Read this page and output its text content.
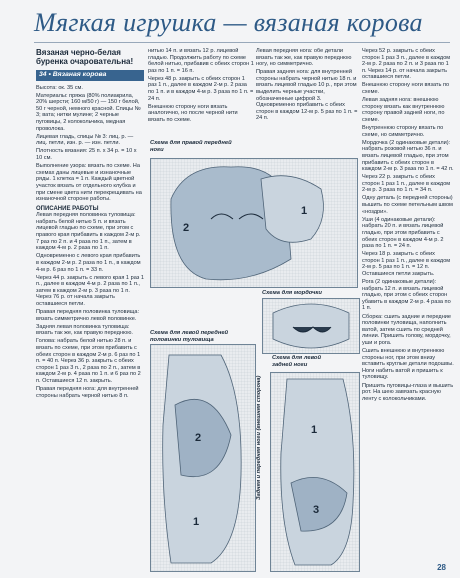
Мягкая игрушка — вязаная корова
Вязаная черно-белая буренка очаровательна!
34 • Вязаная корова

Высота: ок. 35 см.

Материалы: пряжа (80% полиакрила, 20% шерсти; 160 м/50 г) — 150 г белой, 50 г черной, немного красной. Спицы № 3; вата; нитки мулине; 2 черные пуговицы, 2 колокольчика, медная проволока.

Лицевая гладь, спицы № 3: лиц. р. — лиц. петли, изн. р. — изн. петли.

Плотность вязания: 25 п. x 34 р. = 10 x 10 см.

Выполнение узора: вязать по схеме. На схемах даны лицевые и изнаночные ряды. 1 клетка = 1 п. Каждый цветной участок вязать от отдельного клубка и при смене цвета нити перекрещивать на изнаночной стороне работы.

ОПИСАНИЕ РАБОТЫ

Левая передняя половинка туловища: набрать белой нитью 5 п. и вязать лицевой гладью по схеме, при этом с правого края прибавить в каждом 2-м р. 7 раз по 2 п. и 4 раза по 1 п., затем в каждом 4-м р. 2 раза по 1 п.

Одновременно с левого края прибавить в каждом 2-м р. 2 раза по 1 п., в каждом 4-м р. 6 раз по 1 п. = 33 п.

Через 44 р. закрыть с левого края 1 раз 1 п., далее в каждом 4-м р. 2 раза по 1 п., затем в каждом 2-м р. 3 раза по 1 п. Через 76 р. от начала закрыть оставшиеся петли.

Правая передняя половинка туловища: вязать симметрично левой половинке.

Задняя левая половинка туловища: вязать так же, как правую переднюю.

Голова: набрать белой нитью 28 п. и вязать по схеме, при этом прибавить с обеих сторон в каждом 2-м р. 6 раз по 1 п. = 40 п. Через 36 р. закрыть с обеих сторон 1 раз 3 п., 2 раза по 2 п., затем в каждом 2-м р. 4 раза по 1 п. и 6 раз по 2 п. Оставшиеся 12 п. закрыть.

Правая передняя нога: для внутренней стороны набрать черной нитью 8 п.

нитью 14 п. и вязать 12 р. лицевой гладью. Продолжить работу по схеме белой нитью, прибавив с обеих сторон 1 раз по 1 п. = 16 п.

Через 48 р. закрыть с обеих сторон 1 раз 1 п., далее в каждом 2-м р. 2 раза по 1 п. и в каждом 4-м р. 3 раза по 1 п. = 24 п.

Внешнюю сторону ноги вязать аналогично, но после черной нити вязать по схеме.

Левая передняя нога: обе детали вязать так же, как правую переднюю ногу, но симметрично.

Правая задняя нога: для внутренней стороны набрать черной нитью 18 п. и вязать лицевой гладью 10 р., при этом выделить черные участки, обозначенные цифрой 3. Одновременно прибавить с обеих сторон в каждом 12-м р. 5 раз по 1 п. = 24 п.

Через 52 р. закрыть с обеих сторон 1 раз 3 п., далее в каждом 2-м р. 2 раза по 2 п. и 3 раза по 1 п. Через 14 р. от начала закрыть оставшиеся петли.

Внешнюю сторону ноги вязать по схеме.

Левая задняя нога: внешнюю сторону вязать как внутреннюю сторону правой задней ноги, по схеме.

Внутреннюю сторону вязать по схеме, но симметрично.

Мордочка (2 одинаковые детали): набрать розовой нитью 36 п. и вязать лицевой гладью, при этом прибавить с обеих сторон в каждом 2-м р. 3 раза по 1 п. = 42 п.

Через 22 р. закрыть с обеих сторон 1 раз 1 п., далее в каждом 2-м р. 3 раза по 1 п. = 34 п.

Одну деталь (с передней стороны) вышить по схеме петельным швом «ноздри».

Уши (4 одинаковые детали): набрать 20 п. и вязать лицевой гладью, при этом прибавить с обеих сторон в каждом 4-м р. 2 раза по 1 п. = 24 п.

Через 18 р. закрыть с обеих сторон 1 раз 1 п., далее в каждом 2-м р. 5 раз по 1 п. = 12 п. Оставшиеся петли закрыть.

Рога (2 одинаковые детали): набрать 12 п. и вязать лицевой гладью, при этом с обеих сторон убавить в каждом 2-м р. 4 раза по 1 п.

Сборка: сшить задние и передние половинки туловища, наполнить ватой, затем сшить по средней линии. Пришить голову, мордочку, уши и рога.

Сшить внешнюю и внутреннюю стороны ног, при этом внизу вставить круглые детали подошвы. Ноги набить ватой и пришить к туловищу.

Пришить пуговицы-глаза и вышить рот. На шею завязать красную ленту с колокольчиками.

Схема для правой передней ноги
Схема для мордочки
Схема для левой передней половинки туловища
Схема для левой задней ноги
2
1
2
1
1
3
Задняя и передняя ноги (внешняя сторона)
28
